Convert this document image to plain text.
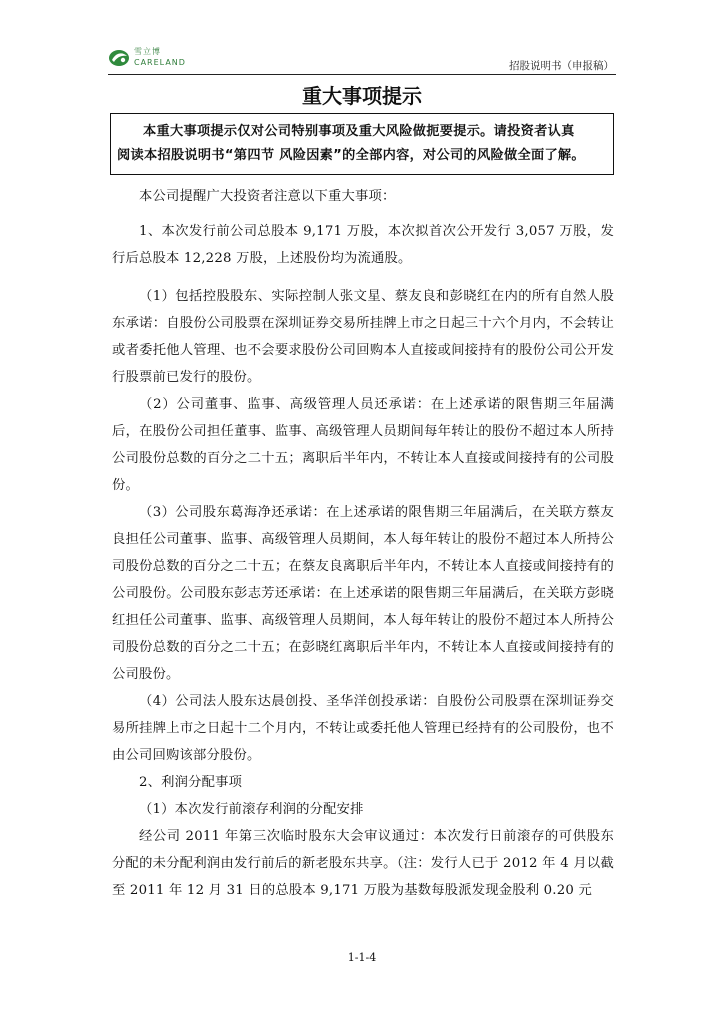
雪立博
CARELAND	招股说明书（申报稿）
重大事项提示

本重大事项提示仅对公司特别事项及重大风险做扼要提示。请投资者认真

阅读本招股说明书“第四节 风险因素”的全部内容，对公司的风险做全面了解。

本公司提醒广大投资者注意以下重大事项：

1、本次发行前公司总股本 9,171 万股，本次拟首次公开发行 3,057 万股，发行后总股本 12,228 万股，上述股份均为流通股。

（1）包括控股股东、实际控制人张文星、蔡友良和彭晓红在内的所有自然人股东承诺：自股份公司股票在深圳证券交易所挂牌上市之日起三十六个月内，不会转让或者委托他人管理、也不会要求股份公司回购本人直接或间接持有的股份公司公开发行股票前已发行的股份。

（2）公司董事、监事、高级管理人员还承诺：在上述承诺的限售期三年届满后，在股份公司担任董事、监事、高级管理人员期间每年转让的股份不超过本人所持公司股份总数的百分之二十五；离职后半年内，不转让本人直接或间接持有的公司股份。

（3）公司股东葛海净还承诺：在上述承诺的限售期三年届满后，在关联方蔡友良担任公司董事、监事、高级管理人员期间，本人每年转让的股份不超过本人所持公司股份总数的百分之二十五；在蔡友良离职后半年内，不转让本人直接或间接持有的公司股份。公司股东彭志芳还承诺：在上述承诺的限售期三年届满后，在关联方彭晓红担任公司董事、监事、高级管理人员期间，本人每年转让的股份不超过本人所持公司股份总数的百分之二十五；在彭晓红离职后半年内，不转让本人直接或间接持有的公司股份。

（4）公司法人股东达晨创投、圣华洋创投承诺：自股份公司股票在深圳证券交易所挂牌上市之日起十二个月内，不转让或委托他人管理已经持有的公司股份，也不由公司回购该部分股份。

2、利润分配事项

（1）本次发行前滚存利润的分配安排

经公司 2011 年第三次临时股东大会审议通过：本次发行日前滚存的可供股东分配的未分配利润由发行前后的新老股东共享。（注：发行人已于 2012 年 4 月以截至 2011 年 12 月 31 日的总股本 9,171 万股为基数每股派发现金股利 0.20 元

1-1-4
